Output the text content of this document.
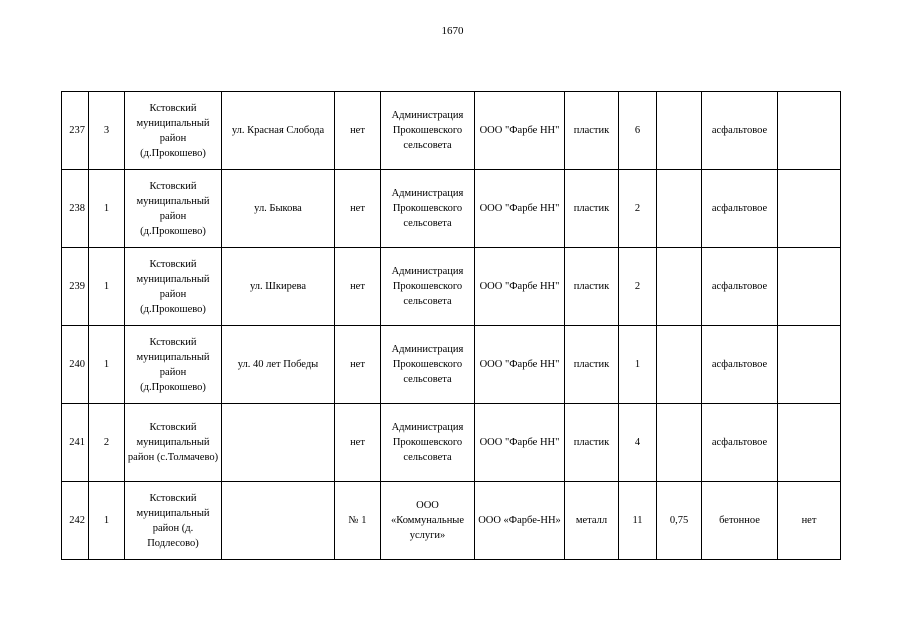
1670
237	3	Кстовский муниципальный район (д.Прокошево)	ул. Красная Слобода	нет	Администрация Прокошевского сельсовета	ООО "Фарбе НН"	пластик	6		асфальтовое	
238	1	Кстовский муниципальный район (д.Прокошево)	ул. Быкова	нет	Администрация Прокошевского сельсовета	ООО "Фарбе НН"	пластик	2		асфальтовое	
239	1	Кстовский муниципальный район (д.Прокошево)	ул. Шкирева	нет	Администрация Прокошевского сельсовета	ООО "Фарбе НН"	пластик	2		асфальтовое	
240	1	Кстовский муниципальный район (д.Прокошево)	ул. 40 лет Победы	нет	Администрация Прокошевского сельсовета	ООО "Фарбе НН"	пластик	1		асфальтовое	
241	2	Кстовский муниципальный район (с.Толмачево)		нет	Администрация Прокошевского сельсовета	ООО "Фарбе НН"	пластик	4		асфальтовое	
242	1	Кстовский муниципальный район (д. Подлесово)		№ 1	ООО «Коммунальные услуги»	ООО «Фарбе-НН»	металл	11	0,75	бетонное	нет
